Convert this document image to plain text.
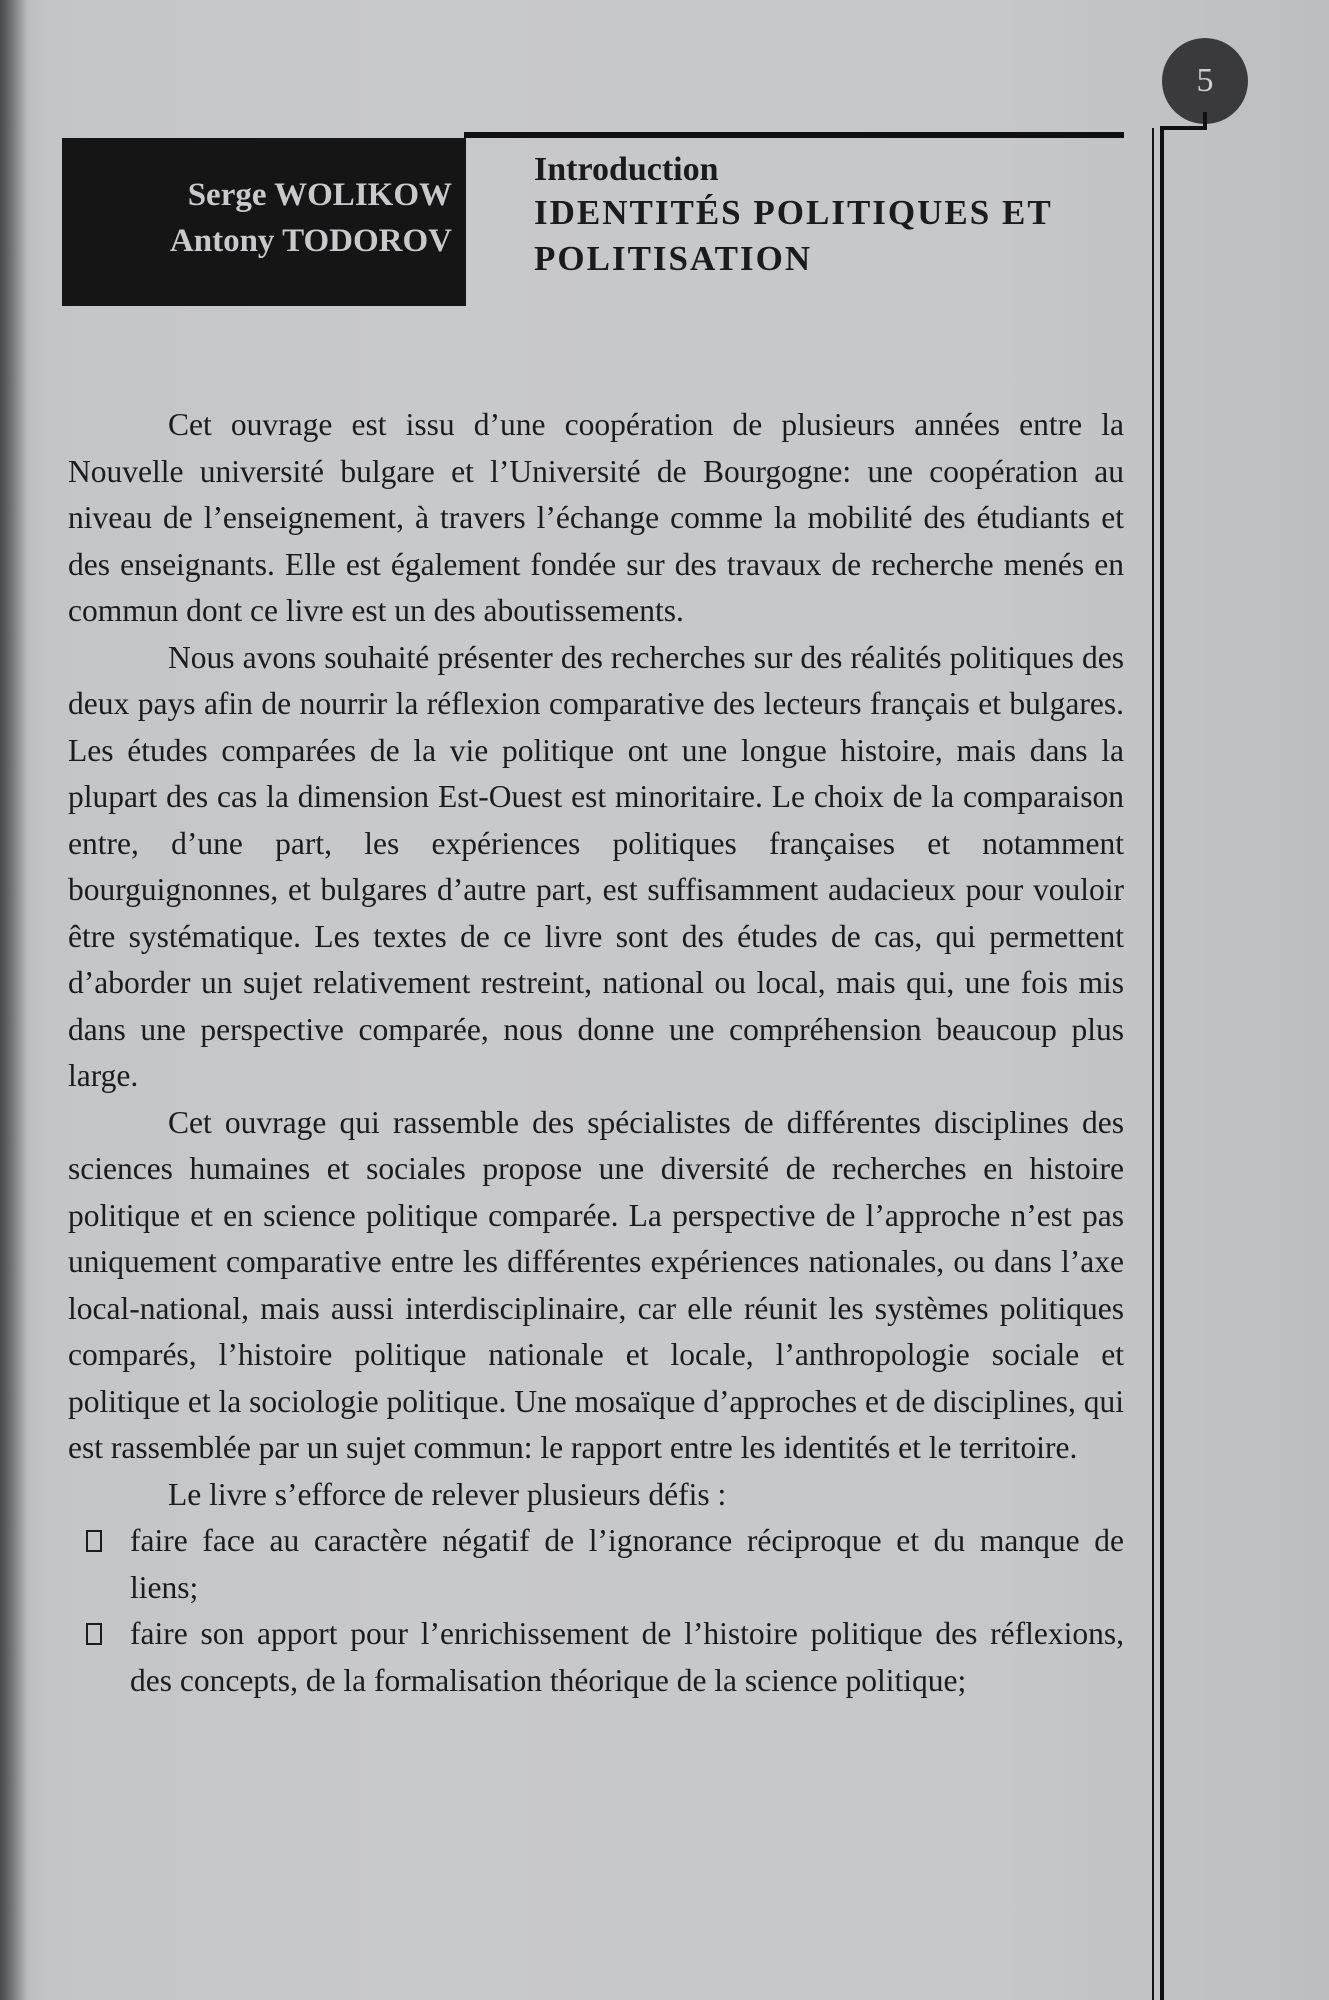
5
Serge WOLIKOW
Antony TODOROV
Introduction
IDENTITÉS POLITIQUES ET
POLITISATION

Cet ouvrage est issu d’une coopération de plusieurs années entre la Nouvelle université bulgare et l’Université de Bourgogne: une coopération au niveau de l’enseignement, à travers l’échange comme la mobilité des étudiants et des enseignants. Elle est également fondée sur des travaux de recherche menés en commun dont ce livre est un des aboutissements.

Nous avons souhaité présenter des recherches sur des réalités politiques des deux pays afin de nourrir la réflexion comparative des lecteurs français et bulgares. Les études comparées de la vie politique ont une longue histoire, mais dans la plupart des cas la dimension Est-Ouest est minoritaire. Le choix de la comparaison entre, d’une part, les expériences politiques françaises et notamment bourguignonnes, et bulgares d’autre part, est suffisamment audacieux pour vouloir être systématique. Les textes de ce livre sont des études de cas, qui permettent d’aborder un sujet relativement restreint, national ou local, mais qui, une fois mis dans une perspective comparée, nous donne une compréhension beaucoup plus large.

Cet ouvrage qui rassemble des spécialistes de différentes disciplines des sciences humaines et sociales propose une diversité de recherches en histoire politique et en science politique comparée. La perspective de l’approche n’est pas uniquement comparative entre les différentes expériences nationales, ou dans l’axe local-national, mais aussi interdisciplinaire, car elle réunit les systèmes politiques comparés, l’histoire politique nationale et locale, l’anthropologie sociale et politique et la sociologie politique. Une mosaïque d’approches et de disciplines, qui est rassemblée par un sujet commun: le rapport entre les identités et le territoire.

Le livre s’efforce de relever plusieurs défis :

faire face au caractère négatif de l’ignorance réciproque et du manque de liens;
faire son apport pour l’enrichissement de l’histoire politique des réflexions, des concepts, de la formalisation théorique de la science politique;
